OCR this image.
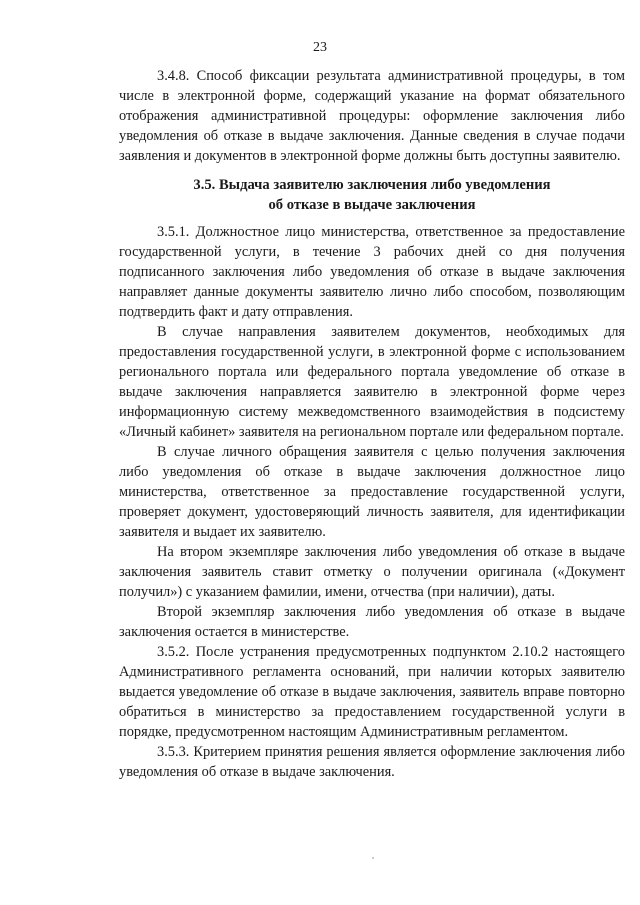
23

3.4.8. Способ фиксации результата административной процедуры, в том числе в электронной форме, содержащий указание на формат обязательного отображения административной процедуры: оформление заключения либо уведомления об отказе в выдаче заключения. Данные сведения в случае подачи заявления и документов в электронной форме должны быть доступны заявителю.

3.5. Выдача заявителю заключения либо уведомления
об отказе в выдаче заключения

3.5.1. Должностное лицо министерства, ответственное за предоставление государственной услуги, в течение 3 рабочих дней со дня получения подписанного заключения либо уведомления об отказе в выдаче заключения направляет данные документы заявителю лично либо способом, позволяющим подтвердить факт и дату отправления.

В случае направления заявителем документов, необходимых для предоставления государственной услуги, в электронной форме с использованием регионального портала или федерального портала уведомление об отказе в выдаче заключения направляется заявителю в электронной форме через информационную систему межведомственного взаимодействия в подсистему «Личный кабинет» заявителя на региональном портале или федеральном портале.

В случае личного обращения заявителя с целью получения заключения либо уведомления об отказе в выдаче заключения должностное лицо министерства, ответственное за предоставление государственной услуги, проверяет документ, удостоверяющий личность заявителя, для идентификации заявителя и выдает их заявителю.

На втором экземпляре заключения либо уведомления об отказе в выдаче заключения заявитель ставит отметку о получении оригинала («Документ получил») с указанием фамилии, имени, отчества (при наличии), даты.

Второй экземпляр заключения либо уведомления об отказе в выдаче заключения остается в министерстве.

3.5.2. После устранения предусмотренных подпунктом 2.10.2 настоящего Административного регламента оснований, при наличии которых заявителю выдается уведомление об отказе в выдаче заключения, заявитель вправе повторно обратиться в министерство за предоставлением государственной услуги в порядке, предусмотренном настоящим Административным регламентом.

3.5.3. Критерием принятия решения является оформление заключения либо уведомления об отказе в выдаче заключения.
